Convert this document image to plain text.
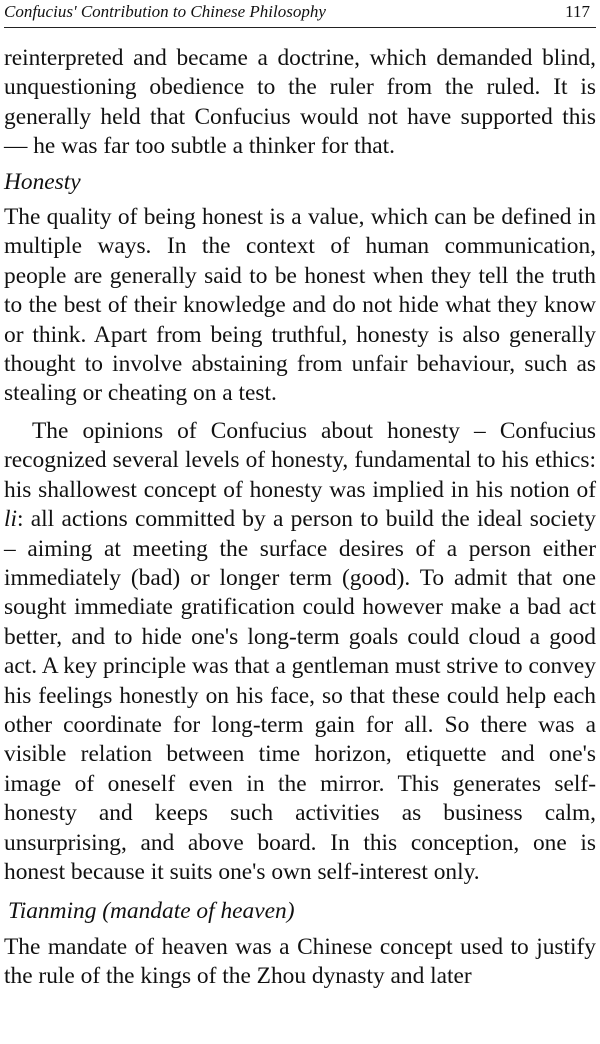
Confucius' Contribution to Chinese Philosophy	117

reinterpreted and became a doctrine, which demanded blind, unquestioning obedience to the ruler from the ruled. It is generally held that Confucius would not have supported this — he was far too subtle a thinker for that.

Honesty

The quality of being honest is a value, which can be defined in multiple ways. In the context of human communication, people are generally said to be honest when they tell the truth to the best of their knowledge and do not hide what they know or think. Apart from being truthful, honesty is also generally thought to involve abstaining from unfair behaviour, such as stealing or cheating on a test.

The opinions of Confucius about honesty – Confucius recognized several levels of honesty, fundamental to his ethics: his shallowest concept of honesty was implied in his notion of li: all actions committed by a person to build the ideal society – aiming at meeting the surface desires of a person either immediately (bad) or longer term (good). To admit that one sought immediate gratification could however make a bad act better, and to hide one's long-term goals could cloud a good act. A key principle was that a gentleman must strive to convey his feelings honestly on his face, so that these could help each other coordinate for long-term gain for all. So there was a visible relation between time horizon, etiquette and one's image of oneself even in the mirror. This generates self-honesty and keeps such activities as business calm, unsurprising, and above board. In this conception, one is honest because it suits one's own self-interest only.

Tianming (mandate of heaven)

The mandate of heaven was a Chinese concept used to justify the rule of the kings of the Zhou dynasty and later
